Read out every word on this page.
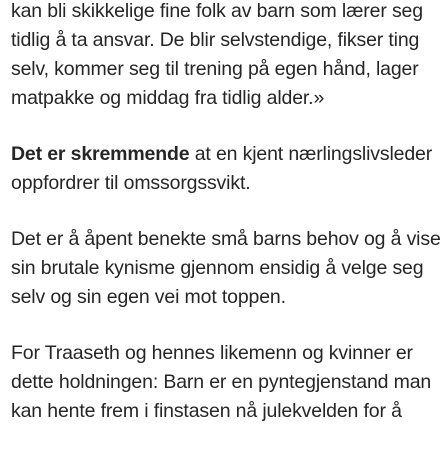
kan bli skikkelige fine folk av barn som lærer seg
tidlig å ta ansvar. De blir selvstendige, fikser ting
selv, kommer seg til trening på egen hånd, lager
matpakke og middag fra tidlig alder.»

Det er skremmende at en kjent nærlingslivsleder
oppfordrer til omssorgssvikt.

Det er å åpent benekte små barns behov og å vise
sin brutale kynisme gjennom ensidig å velge seg
selv og sin egen vei mot toppen.

For Traaseth og hennes likemenn og kvinner er
dette holdningen: Barn er en pyntegjenstand man
kan hente frem i finstasen nå julekvelden for å
